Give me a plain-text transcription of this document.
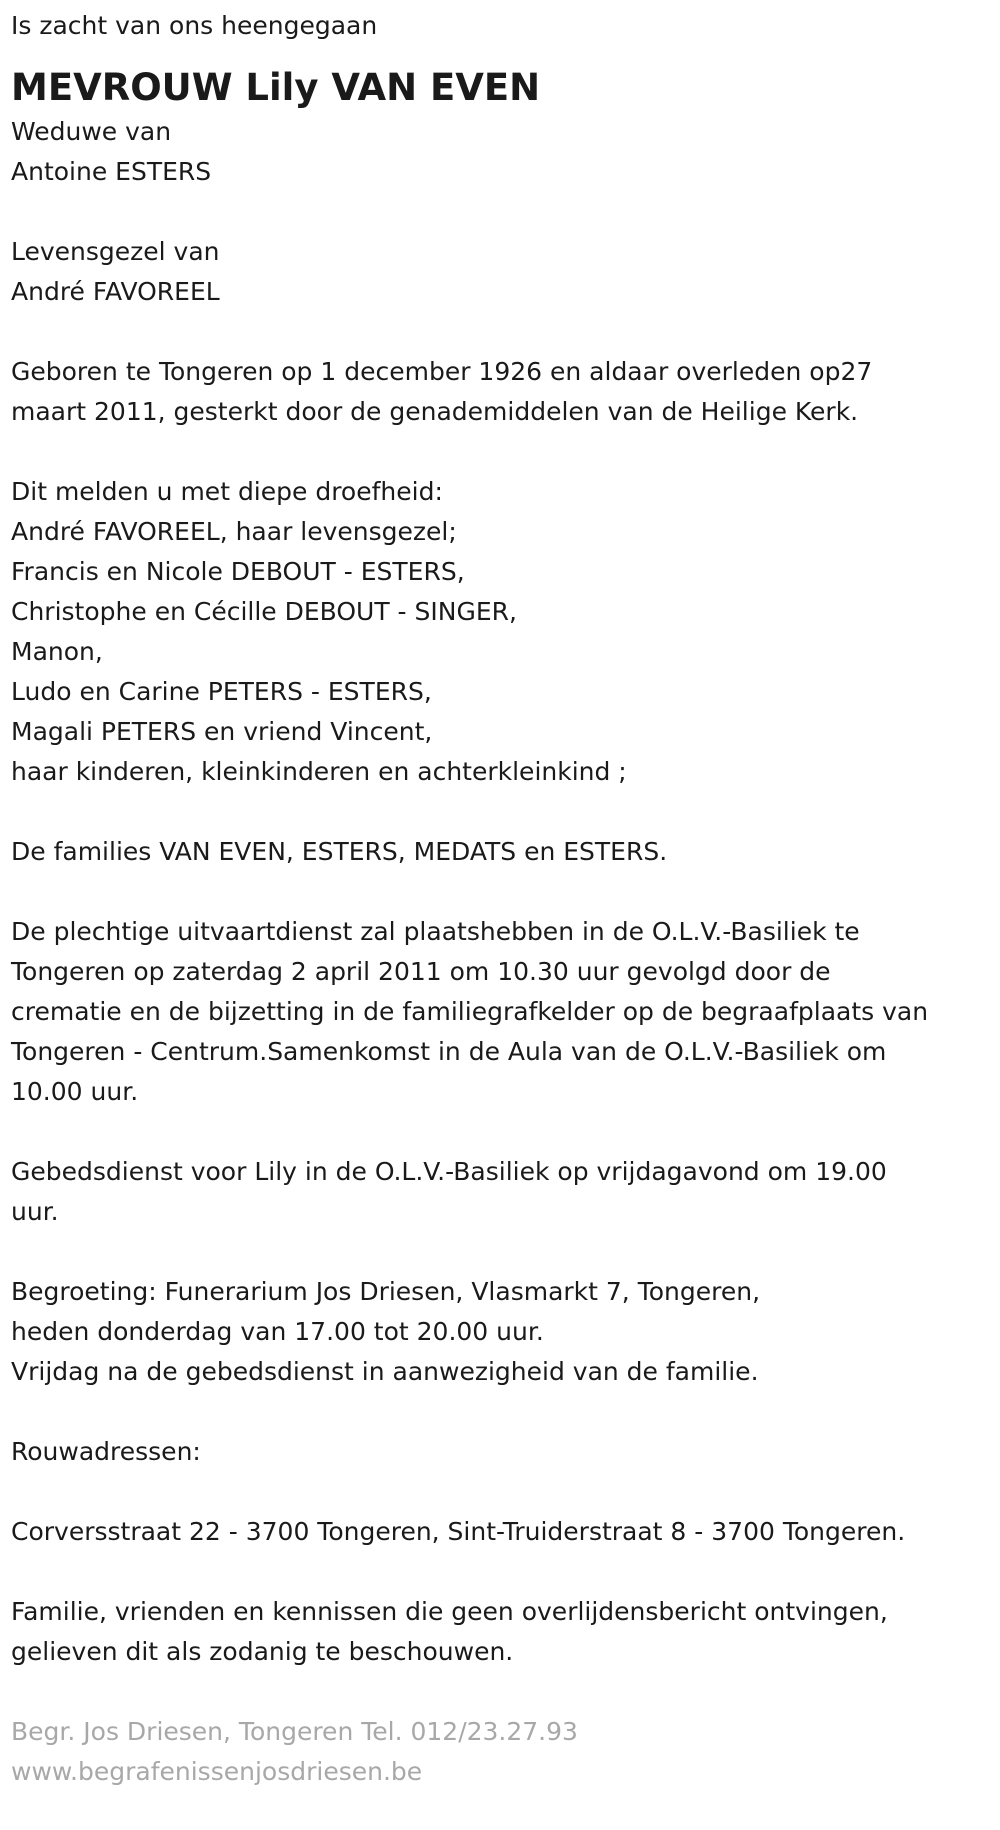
Is zacht van ons heengegaan

MEVROUW Lily VAN EVEN

Weduwe van

Antoine ESTERS

Levensgezel van

André FAVOREEL

Geboren te Tongeren op 1 december 1926 en aldaar overleden op27

maart 2011, gesterkt door de genademiddelen van de Heilige Kerk.

Dit melden u met diepe droefheid:

André FAVOREEL, haar levensgezel;

Francis en Nicole DEBOUT - ESTERS,

Christophe en Cécille DEBOUT - SINGER,

Manon,

Ludo en Carine PETERS - ESTERS,

Magali PETERS en vriend Vincent,

haar kinderen, kleinkinderen en achterkleinkind ;

De families VAN EVEN, ESTERS, MEDATS en ESTERS.

De plechtige uitvaartdienst zal plaatshebben in de O.L.V.-Basiliek te

Tongeren op zaterdag 2 april 2011 om 10.30 uur gevolgd door de

crematie en de bijzetting in de familiegrafkelder op de begraafplaats van

Tongeren - Centrum.Samenkomst in de Aula van de O.L.V.-Basiliek om

10.00 uur.

Gebedsdienst voor Lily in de O.L.V.-Basiliek op vrijdagavond om 19.00

uur.

Begroeting: Funerarium Jos Driesen, Vlasmarkt 7, Tongeren,

heden donderdag van 17.00 tot 20.00 uur.

Vrijdag na de gebedsdienst in aanwezigheid van de familie.

Rouwadressen:

Corversstraat 22 - 3700 Tongeren, Sint-Truiderstraat 8 - 3700 Tongeren.

Familie, vrienden en kennissen die geen overlijdensbericht ontvingen,

gelieven dit als zodanig te beschouwen.

Begr. Jos Driesen, Tongeren Tel. 012/23.27.93

www.begrafenissenjosdriesen.be
